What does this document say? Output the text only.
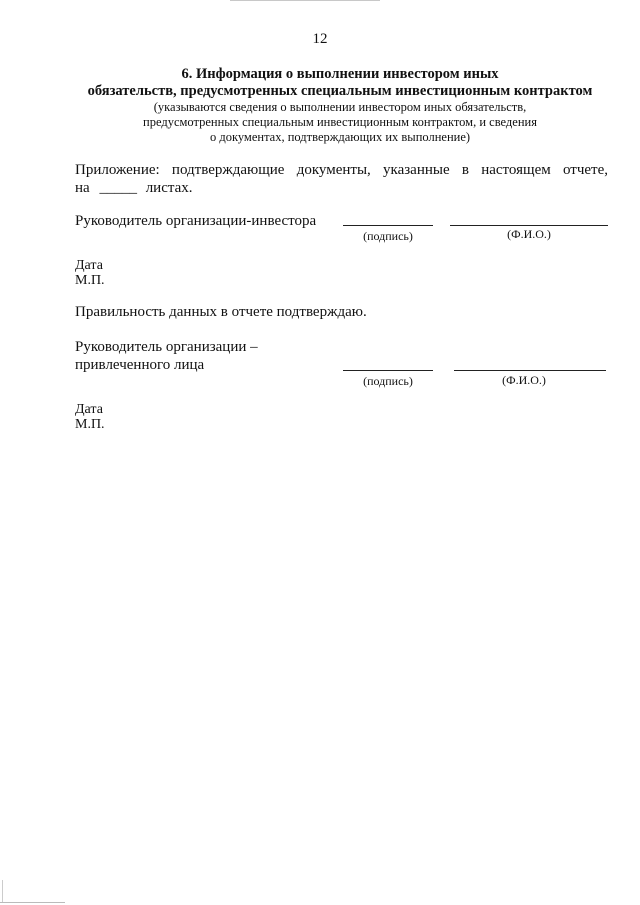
12
6. Информация о выполнении инвестором иных
обязательств, предусмотренных специальным инвестиционным контрактом
(указываются сведения о выполнении инвестором иных обязательств,
предусмотренных специальным инвестиционным контрактом, и сведения
о документах, подтверждающих их выполнение)
Приложение: подтверждающие документы, указанные в настоящем отчете,
на _____ листах.
Руководитель организации-инвестора
(подпись)	(Ф.И.О.)
Дата
М.П.
Правильность данных в отчете подтверждаю.
Руководитель организации –
привлеченного лица
(подпись)	(Ф.И.О.)
Дата
М.П.
